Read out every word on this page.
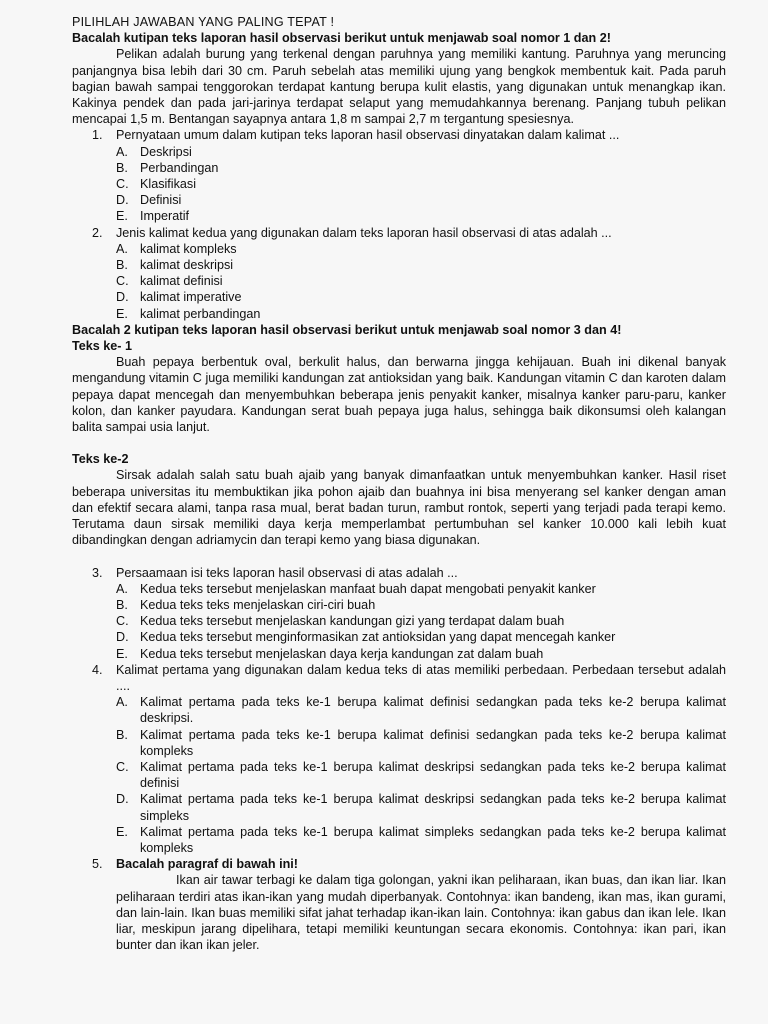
PILIHLAH JAWABAN YANG PALING TEPAT !

Bacalah kutipan teks laporan hasil observasi berikut untuk menjawab soal nomor 1 dan 2!

Pelikan adalah burung yang terkenal dengan paruhnya yang memiliki kantung. Paruhnya yang meruncing panjangnya bisa lebih dari 30 cm. Paruh sebelah atas memiliki ujung yang bengkok membentuk kait. Pada paruh bagian bawah sampai tenggorokan terdapat kantung berupa kulit elastis, yang digunakan untuk menangkap ikan. Kakinya pendek dan pada jari-jarinya terdapat selaput yang memudahkannya berenang. Panjang tubuh pelikan mencapai 1,5 m. Bentangan sayapnya antara 1,8 m sampai 2,7 m tergantung spesiesnya.

1.	Pernyataan umum dalam kutipan teks laporan hasil observasi dinyatakan dalam kalimat ...
A. Deskripsi
B. Perbandingan
C. Klasifikasi
D. Definisi
E. Imperatif
2.	Jenis kalimat kedua yang digunakan dalam teks laporan hasil observasi di atas adalah ...
A. kalimat kompleks
B. kalimat deskripsi
C. kalimat definisi
D. kalimat imperative
E. kalimat perbandingan

Bacalah 2 kutipan teks laporan hasil observasi berikut untuk menjawab soal nomor 3 dan 4!

Teks ke- 1

Buah pepaya berbentuk oval, berkulit halus, dan berwarna jingga kehijauan. Buah ini dikenal banyak mengandung vitamin C juga memiliki kandungan zat antioksidan yang baik. Kandungan vitamin C dan karoten dalam pepaya dapat mencegah dan menyembuhkan beberapa jenis penyakit kanker, misalnya kanker paru-paru, kanker kolon, dan kanker payudara. Kandungan serat buah pepaya juga halus, sehingga baik dikonsumsi oleh kalangan balita sampai usia lanjut.

Teks ke-2

Sirsak adalah salah satu buah ajaib yang banyak dimanfaatkan untuk menyembuhkan kanker. Hasil riset beberapa universitas itu membuktikan jika pohon ajaib dan buahnya ini bisa menyerang sel kanker dengan aman dan efektif secara alami, tanpa rasa mual, berat badan turun, rambut rontok, seperti yang terjadi pada terapi kemo. Terutama daun sirsak memiliki daya kerja memperlambat pertumbuhan sel kanker 10.000 kali lebih kuat dibandingkan dengan adriamycin dan terapi kemo yang biasa digunakan.

3.	Persaamaan isi teks laporan hasil observasi di atas adalah ...
A. Kedua teks tersebut menjelaskan manfaat buah dapat mengobati penyakit kanker
B. Kedua teks teks menjelaskan ciri-ciri buah
C. Kedua teks tersebut menjelaskan kandungan gizi yang terdapat dalam buah
D. Kedua teks tersebut menginformasikan zat antioksidan yang dapat mencegah kanker
E. Kedua teks tersebut menjelaskan daya kerja kandungan zat dalam buah
4.	Kalimat pertama yang digunakan dalam kedua teks di atas memiliki perbedaan. Perbedaan tersebut adalah ....
A. Kalimat pertama pada teks ke-1 berupa kalimat definisi sedangkan pada teks ke-2 berupa kalimat deskripsi.
B. Kalimat pertama pada teks ke-1 berupa kalimat definisi sedangkan pada teks ke-2 berupa kalimat kompleks
C. Kalimat pertama pada teks ke-1 berupa kalimat deskripsi sedangkan pada teks ke-2 berupa kalimat definisi
D. Kalimat pertama pada teks ke-1 berupa kalimat deskripsi sedangkan pada teks ke-2 berupa kalimat simpleks
E. Kalimat pertama pada teks ke-1 berupa kalimat simpleks sedangkan pada teks ke-2 berupa kalimat kompleks
5.	Bacalah paragraf di bawah ini!

Ikan air tawar terbagi ke dalam tiga golongan, yakni ikan peliharaan, ikan buas, dan ikan liar. Ikan peliharaan terdiri atas ikan-ikan yang mudah diperbanyak. Contohnya: ikan bandeng, ikan mas, ikan gurami, dan lain-lain. Ikan buas memiliki sifat jahat terhadap ikan-ikan lain. Contohnya: ikan gabus dan ikan lele. Ikan liar, meskipun jarang dipelihara, tetapi memiliki keuntungan secara ekonomis. Contohnya: ikan pari, ikan bunter dan ikan ikan jeler.
